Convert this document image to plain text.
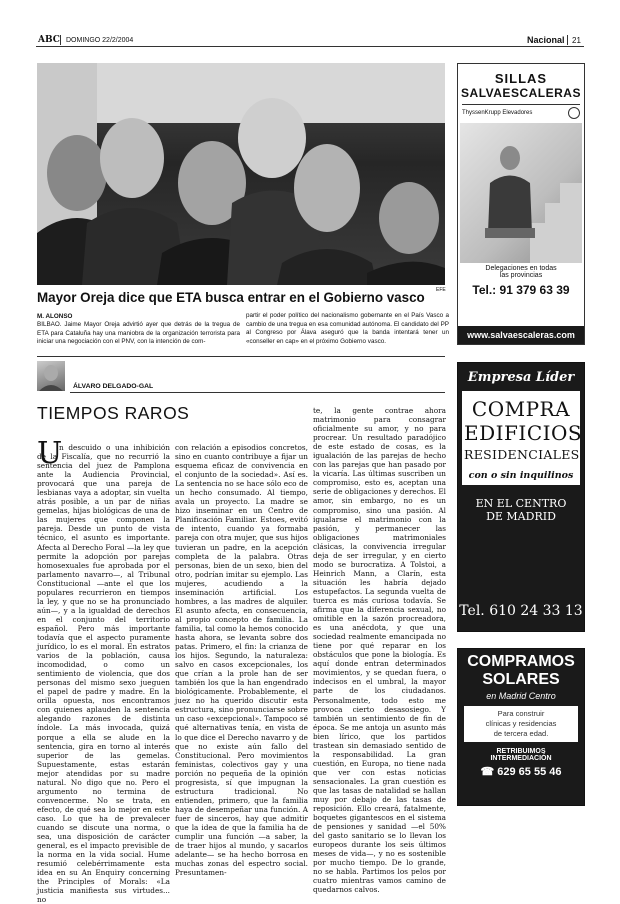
ABC DOMINGO 22/2/2004	Nacional 21
EFE
Mayor Oreja dice que ETA busca entrar en el Gobierno vasco
M. ALONSO
BILBAO. Jaime Mayor Oreja advirtió ayer que detrás de la tregua de ETA para Cataluña hay una maniobra de la organización terrorista para iniciar una negociación con el PNV, con la intención de com-
partir el poder político del nacionalismo gobernante en el País Vasco a cambio de una tregua en esa comunidad autónoma. El candidato del PP al Congreso por Álava aseguró que la banda intentará tener un «conseller en cap» en el próximo Gobierno vasco.
ÁLVARO DELGADO-GAL
TIEMPOS RAROS
U
n descuido o una inhibición de la Fiscalía, que no recurrió la sentencia del juez de Pamplona ante la Audiencia Provincial, provocará que una pareja de lesbianas vaya a adoptar, sin vuelta atrás posible, a un par de niñas gemelas, hijas biológicas de una de las mujeres que componen la pareja. Desde un punto de vista técnico, el asunto es importante. Afecta al Derecho Foral —la ley que permite la adopción por parejas homosexuales fue aprobada por el parlamento navarro—, al Tribunal Constitucional —ante el que los populares recurrieron en tiempos la ley, y que no se ha pronunciado aún—, y a la igualdad de derechos en el conjunto del territorio español. Pero más importante todavía que el aspecto puramente jurídico, lo es el moral. En estratos varios de la población, causa incomodidad, o como un sentimiento de violencia, que dos personas del mismo sexo jueguen el papel de padre y madre. En la orilla opuesta, nos encontramos con quienes aplauden la sentencia alegando razones de distinta índole. La más invocada, quizá porque a ella se alude en la sentencia, gira en torno al interés superior de las gemelas. Supuestamente, estas estarán mejor atendidas por su madre natural. No digo que no. Pero el argumento no termina de convencerme. No se trata, en efecto, de qué sea lo mejor en este caso. Lo que ha de prevalecer cuando se discute una norma, o sea, una disposición de carácter general, es el impacto previsible de la norma en la vida social. Hume resumió celebérrimamente esta idea en su An Enquiry concerning the Principles of Morals: «La justicia manifiesta sus virtudes... no
con relación a episodios concretos, sino en cuanto contribuye a fijar un esquema eficaz de convivencia en el conjunto de la sociedad». Así es. La sentencia no se hace sólo eco de un hecho consumado. Al tiempo, avala un proyecto. La madre se hizo inseminar en un Centro de Planificación Familiar. Estoes, evitó de intento, cuando ya formaba pareja con otra mujer, que sus hijos tuvieran un padre, en la acepción completa de la palabra. Otras personas, bien de un sexo, bien del otro, podrían imitar su ejemplo. Las mujeres, acudiendo a la inseminación artificial. Los hombres, a las madres de alquiler. El asunto afecta, en consecuencia, al propio concepto de familia. La familia, tal como la hemos conocido hasta ahora, se levanta sobre dos patas. Primero, el fin: la crianza de los hijos. Segundo, la naturaleza: salvo en casos excepcionales, los que crían a la prole han de ser también los que la han engendrado biológicamente. Probablemente, el juez no ha querido discutir esta estructura, sino pronunciarse sobre un caso «excepcional». Tampoco sé qué alternativas tenía, en vista de lo que dice el Derecho navarro y de que no existe aún fallo del Constitucional. Pero movimientos feministas, colectivos gay y una porción no pequeña de la opinión progresista, sí que impugnan la estructura tradicional. No entienden, primero, que la familia haya de desempeñar una función. A fuer de sinceros, hay que admitir que la idea de que la familia ha de cumplir una función —a saber, la de traer hijos al mundo, y sacarlos adelante— se ha hecho borrosa en muchas zonas del espectro social. Presuntamen-
te, la gente contrae ahora matrimonio para consagrar oficialmente su amor, y no para procrear. Un resultado paradójico de este estado de cosas, es la igualación de las parejas de hecho con las parejas que han pasado por la vicaría. Las últimas suscriben un compromiso, esto es, aceptan una serie de obligaciones y derechos. El amor, sin embargo, no es un compromiso, sino una pasión. Al igualarse el matrimonio con la pasión, y permanecer las obligaciones matrimoniales clásicas, la convivencia irregular deja de ser irregular, y en cierto modo se burocratiza. A Tolstoi, a Heinrich Mann, a Clarín, esta situación les habría dejado estupefactos. La segunda vuelta de tuerca es más curiosa todavía. Se afirma que la diferencia sexual, no omitible en la sazón procreadora, es una anécdota, y que una sociedad realmente emancipada no tiene por qué reparar en los obstáculos que pone la biología. Es aquí donde entran determinados movimientos, y se quedan fuera, o indecisos en el umbral, la mayor parte de los ciudadanos. Personalmente, todo esto me provoca cierto desasosiego. Y también un sentimiento de fin de época. Se me antoja un asunto más bien lírico, que los partidos trastean sin demasiado sentido de la responsabilidad. La gran cuestión, en Europa, no tiene nada que ver con estas noticias sensacionales. La gran cuestión es que las tasas de natalidad se hallan muy por debajo de las tasas de reposición. Ello creará, fatalmente, boquetes gigantescos en el sistema de pensiones y sanidad —el 50% del gasto sanitario se lo llevan los europeos durante los seis últimos meses de vida—, y no es sostenible por mucho tiempo. De lo grande, no se habla. Partimos los pelos por cuatro mientras vamos camino de quedarnos calvos.
SILLAS
SALVAESCALERAS
ThyssenKrupp Elevadores
Delegaciones en todas
las provincias
Tel.: 91 379 63 39
www.salvaescaleras.com
Empresa Líder
COMPRA
EDIFICIOS
RESIDENCIALES
con o sin inquilinos
EN EL CENTRO
DE MADRID
Tel. 610 24 33 13
COMPRAMOS
SOLARES
en Madrid Centro
Para construir
clínicas y residencias
de tercera edad.
RETRIBUIMOS
INTERMEDIACIÓN
☎ 629 65 55 46
